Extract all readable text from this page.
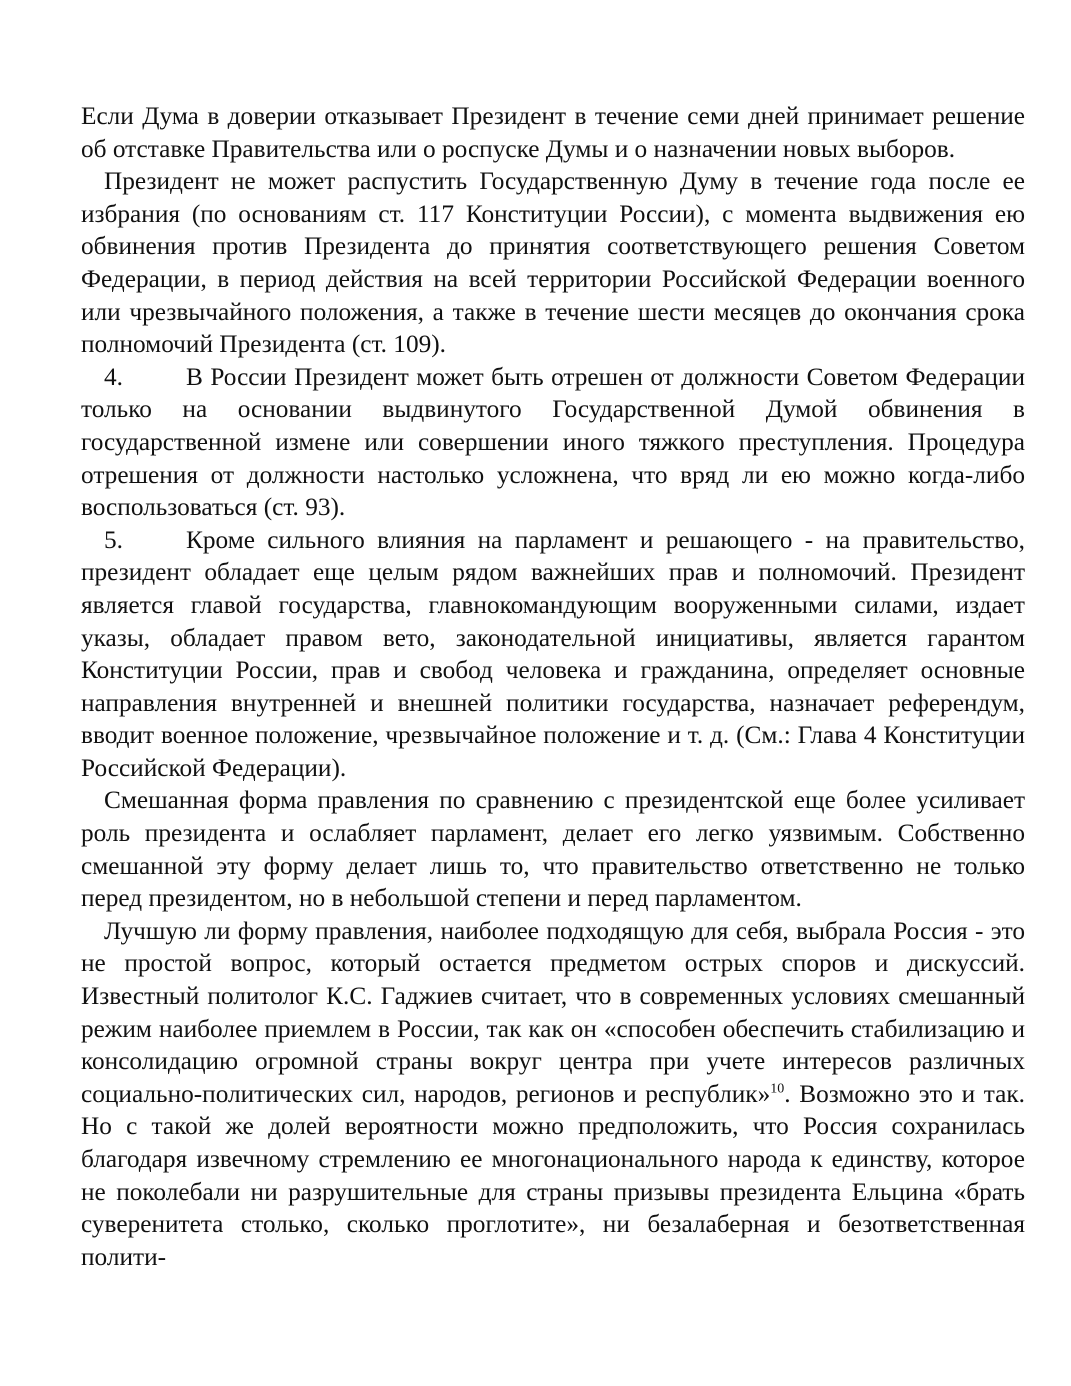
Если Дума в доверии отказывает Президент в течение семи дней принимает решение об отставке Правительства или о роспуске Думы и о назначении новых выборов.

Президент не может распустить Государственную Думу в течение года после ее избрания (по основаниям ст. 117 Конституции России), с момента выдвижения ею обвинения против Президента до принятия соответствующего решения Советом Федерации, в период действия на всей территории Российской Федерации военного или чрезвычайного положения, а также в течение шести месяцев до окончания срока полномочий Президента (ст. 109).

4. В России Президент может быть отрешен от должности Советом Федерации только на основании выдвинутого Государственной Думой обвинения в государственной измене или совершении иного тяжкого преступления. Процедура отрешения от должности настолько усложнена, что вряд ли ею можно когда-либо воспользоваться (ст. 93).

5. Кроме сильного влияния на парламент и решающего - на правительство, президент обладает еще целым рядом важнейших прав и полномочий. Президент является главой государства, главнокомандующим вооруженными силами, издает указы, обладает правом вето, законодательной инициативы, является гарантом Конституции России, прав и свобод человека и гражданина, определяет основные направления внутренней и внешней политики государства, назначает референдум, вводит военное положение, чрезвычайное положение и т. д. (См.: Глава 4 Конституции Российской Федерации).

Смешанная форма правления по сравнению с президентской еще более усиливает роль президента и ослабляет парламент, делает его легко уязвимым. Собственно смешанной эту форму делает лишь то, что правительство ответственно не только перед президентом, но в небольшой степени и перед парламентом.

Лучшую ли форму правления, наиболее подходящую для себя, выбрала Россия - это не простой вопрос, который остается предметом острых споров и дискуссий. Известный политолог К.С. Гаджиев считает, что в современных условиях смешанный режим наиболее приемлем в России, так как он «способен обеспечить стабилизацию и консолидацию огромной страны вокруг центра при учете интересов различных социально-политических сил, народов, регионов и республик»$^{10}$. Возможно это и так. Но с такой же долей вероятности можно предположить, что Россия сохранилась благодаря извечному стремлению ее многонационального народа к единству, которое не поколебали ни разрушительные для страны призывы президента Ельцина «брать суверенитета столько, сколько проглотите», ни безалаберная и безответственная полити-
